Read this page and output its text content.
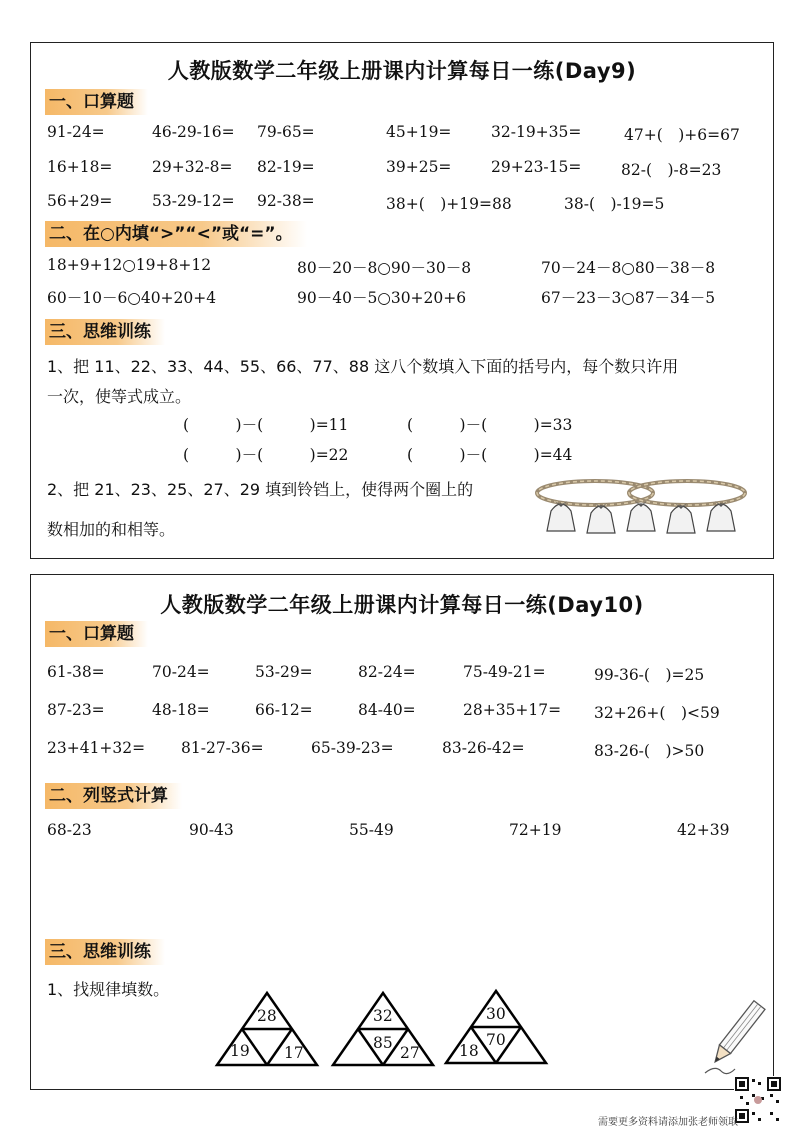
人教版数学二年级上册课内计算每日一练(Day9)
一、口算题
91-24=	46-29-16= 79-65=	45+19=	32-19+35=	47+(　)+6=67
16+18=	29+32-8= 82-19=	39+25=	29+23-15=	82-(　)-8=23
56+29=	53-29-12= 92-38=	38+(　)+19=88	38-(　)-19=5
二、在○内填“>”“<”或“=”。
18+9+12○19+8+12	80－20－8○90－30－8	70－24－8○80－38－8
60－10－6○40+20+4	90－40－5○30+20+6	67－23－3○87－34－5
三、思维训练
1、把 11、22、33、44、55、66、77、88 这八个数填入下面的括号内，每个数只许用
一次，使等式成立。
(　　　)－(　　　)=11	(　　　)－(　　　)=33
(　　　)－(　　　)=22	(　　　)－(　　　)=44
2、把 21、23、25、27、29 填到铃铛上，使得两个圈上的
数相加的和相等。
人教版数学二年级上册课内计算每日一练(Day10)
一、口算题
61-38=	70-24=	53-29=	82-24=	75-49-21=	99-36-(　)=25
87-23=	48-18=	66-12=	84-40=	28+35+17= 32+26+(　)<59
23+41+32= 81-27-36=	65-39-23=	83-26-42=	83-26-(　)>50
二、列竖式计算
68-23	90-43	55-49	72+19	42+39
三、思维训练
1、找规律填数。
28
19 17
32
85
27
30
70
18
需要更多资料请添加张老师领取
